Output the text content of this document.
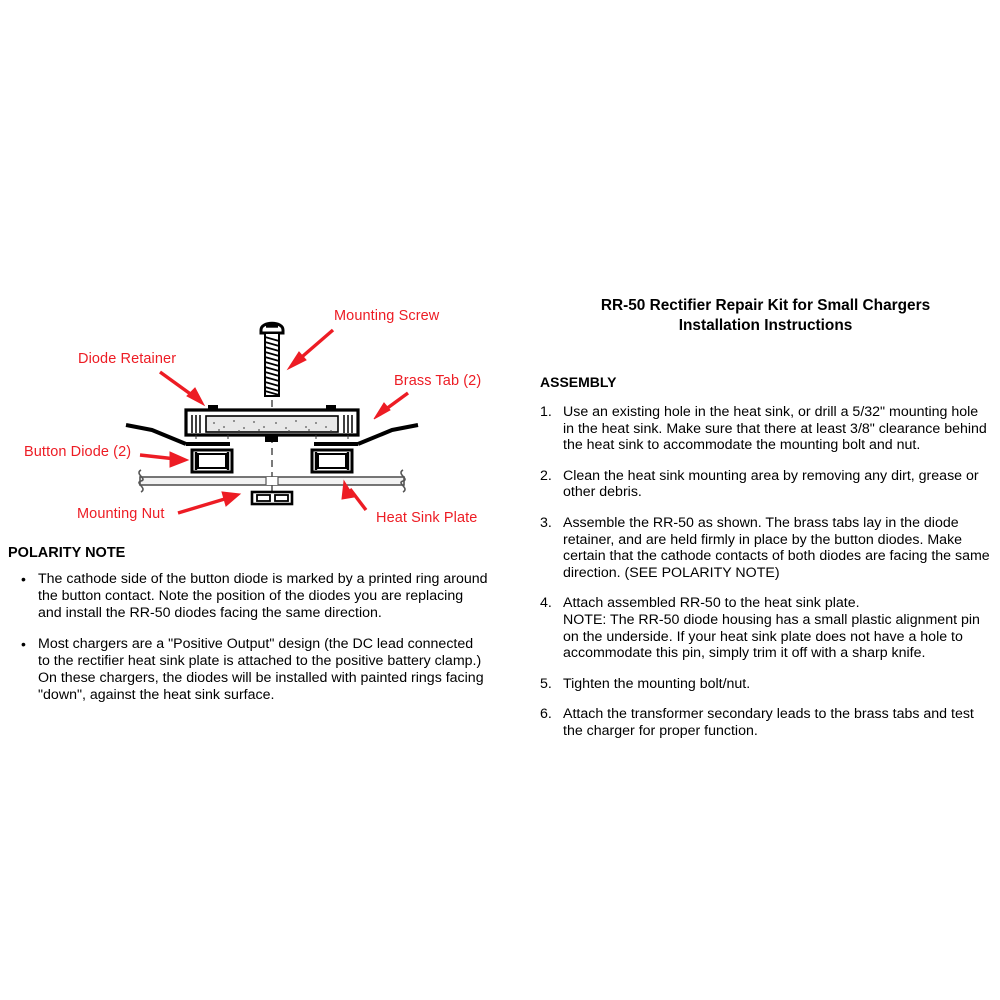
Mounting Screw
Diode Retainer
Brass Tab (2)
Button Diode (2)
Mounting Nut	Heat Sink Plate
POLARITY NOTE
• The cathode side of the button diode is marked by a printed ring around the button contact. Note the position of the diodes you are replacing and install the RR-50 diodes facing the same direction.
• Most chargers are a "Positive Output" design (the DC lead connected to the rectifier heat sink plate is attached to the positive battery clamp.) On these chargers, the diodes will be installed with painted rings facing "down", against the heat sink surface.
RR-50 Rectifier Repair Kit for Small Chargers
Installation Instructions
ASSEMBLY
1. Use an existing hole in the heat sink, or drill a 5/32" mounting hole in the heat sink. Make sure that there at least 3/8" clearance behind the heat sink to accommodate the mounting bolt and nut.
2. Clean the heat sink mounting area by removing any dirt, grease or other debris.
3. Assemble the RR-50 as shown. The brass tabs lay in the diode retainer, and are held firmly in place by the button diodes. Make certain that the cathode contacts of both diodes are facing the same direction. (SEE POLARITY NOTE)
4. Attach assembled RR-50 to the heat sink plate.
NOTE: The RR-50 diode housing has a small plastic alignment pin on the underside. If your heat sink plate does not have a hole to accommodate this pin, simply trim it off with a sharp knife.
5. Tighten the mounting bolt/nut.
6. Attach the transformer secondary leads to the brass tabs and test the charger for proper function.
